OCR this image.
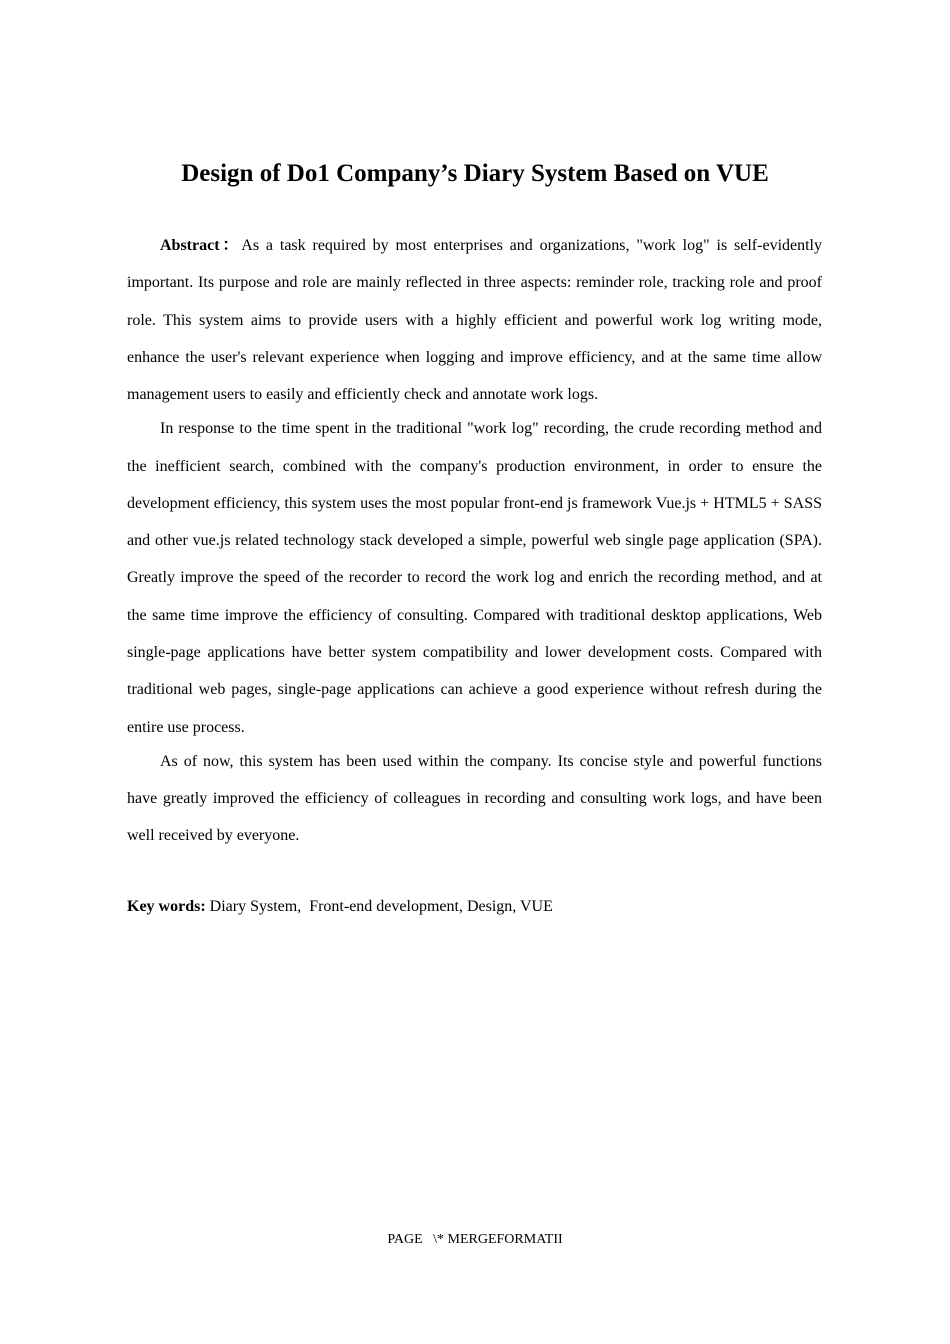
Design of Do1 Company’s Diary System Based on VUE

Abstract：As a task required by most enterprises and organizations, "work log" is self-evidently important. Its purpose and role are mainly reflected in three aspects: reminder role, tracking role and proof role. This system aims to provide users with a highly efficient and powerful work log writing mode, enhance the user's relevant experience when logging and improve efficiency, and at the same time allow management users to easily and efficiently check and annotate work logs.

In response to the time spent in the traditional "work log" recording, the crude recording method and the inefficient search, combined with the company's production environment, in order to ensure the development efficiency, this system uses the most popular front-end js framework Vue.js + HTML5 + SASS and other vue.js related technology stack developed a simple, powerful web single page application (SPA). Greatly improve the speed of the recorder to record the work log and enrich the recording method, and at the same time improve the efficiency of consulting. Compared with traditional desktop applications, Web single-page applications have better system compatibility and lower development costs. Compared with traditional web pages, single-page applications can achieve a good experience without refresh during the entire use process.

As of now, this system has been used within the company. Its concise style and powerful functions have greatly improved the efficiency of colleagues in recording and consulting work logs, and have been well received by everyone.

Key words: Diary System,  Front-end development, Design, VUE

PAGE   \* MERGEFORMATII
